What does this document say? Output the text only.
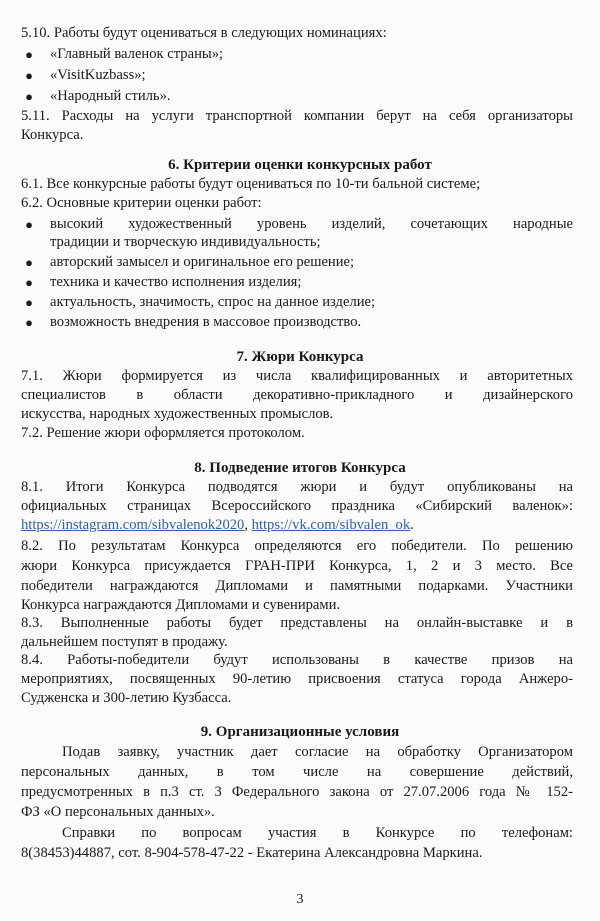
5.10. Работы будут оцениваться в следующих номинациях:
● «Главный валенок страны»;
● «VisitKuzbass»;
● «Народный стиль».
5.11. Расходы на услуги транспортной компании берут на себя организаторы
Конкурса.
6. Критерии оценки конкурсных работ
6.1. Все конкурсные работы будут оцениваться по 10-ти бальной системе;
6.2. Основные критерии оценки работ:
● высокий художественный уровень изделий, сочетающих народные
традиции и творческую индивидуальность;
● авторский замысел и оригинальное его решение;
● техника и качество исполнения изделия;
● актуальность, значимость, спрос на данное изделие;
● возможность внедрения в массовое производство.
7. Жюри Конкурса
7.1. Жюри формируется из числа квалифицированных и авторитетных
специалистов в области декоративно-прикладного и дизайнерского
искусства, народных художественных промыслов.
7.2. Решение жюри оформляется протоколом.
8. Подведение итогов Конкурса
8.1. Итоги Конкурса подводятся жюри и будут опубликованы на
официальных страницах Всероссийского праздника «Сибирский валенок»:
https://instagram.com/sibvalenok2020, https://vk.com/sibvalen_ok.
8.2. По результатам Конкурса определяются его победители. По решению
жюри Конкурса присуждается ГРАН-ПРИ Конкурса, 1, 2 и 3 место. Все
победители награждаются Дипломами и памятными подарками. Участники
Конкурса награждаются Дипломами и сувенирами.
8.3. Выполненные работы будет представлены на онлайн-выставке и в
дальнейшем поступят в продажу.
8.4. Работы-победители будут использованы в качестве призов на
мероприятиях, посвященных 90-летию присвоения статуса города Анжеро-
Судженска и 300-летию Кузбасса.
9. Организационные условия
Подав заявку, участник дает согласие на обработку Организатором
персональных данных, в том числе на совершение действий,
предусмотренных в п.3 ст. 3 Федерального закона от 27.07.2006 года № 152-
ФЗ «О персональных данных».
Справки по вопросам участия в Конкурсе по телефонам:
8(38453)44887, сот. 8-904-578-47-22 - Екатерина Александровна Маркина.
3
